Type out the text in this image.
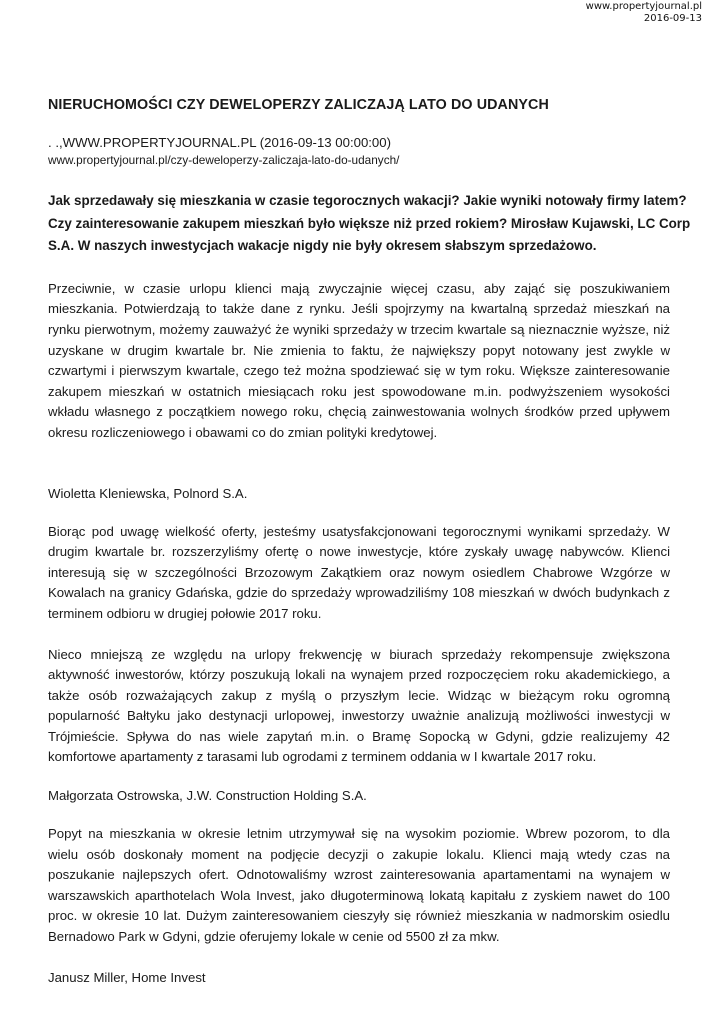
www.propertyjournal.pl
2016-09-13
NIERUCHOMOŚCI CZY DEWELOPERZY ZALICZAJĄ LATO DO UDANYCH
. .,WWW.PROPERTYJOURNAL.PL (2016-09-13 00:00:00)
www.propertyjournal.pl/czy-deweloperzy-zaliczaja-lato-do-udanych/
Jak sprzedawały się mieszkania w czasie tegorocznych wakacji? Jakie wyniki notowały firmy latem?
Czy zainteresowanie zakupem mieszkań było większe niż przed rokiem? Mirosław Kujawski, LC Corp
S.A. W naszych inwestycjach wakacje nigdy nie były okresem słabszym sprzedażowo.
Przeciwnie, w czasie urlopu klienci mają zwyczajnie więcej czasu, aby zająć się poszukiwaniem
mieszkania. Potwierdzają to także dane z rynku. Jeśli spojrzymy na kwartalną sprzedaż mieszkań na
rynku pierwotnym, możemy zauważyć że wyniki sprzedaży w trzecim kwartale są nieznacznie wyższe, niż
uzyskane w drugim kwartale br. Nie zmienia to faktu, że największy popyt notowany jest zwykle w
czwartymi i pierwszym kwartale, czego też można spodziewać się w tym roku. Większe zainteresowanie
zakupem mieszkań w ostatnich miesiącach roku jest spowodowane m.in. podwyższeniem wysokości
wkładu własnego z początkiem nowego roku, chęcią zainwestowania wolnych środków przed upływem
okresu rozliczeniowego i obawami co do zmian polityki kredytowej.
Wioletta Kleniewska, Polnord S.A.
Biorąc pod uwagę wielkość oferty, jesteśmy usatysfakcjonowani tegorocznymi wynikami sprzedaży. W
drugim kwartale br. rozszerzyliśmy ofertę o nowe inwestycje, które zyskały uwagę nabywców. Klienci
interesują się w szczególności Brzozowym Zakątkiem oraz nowym osiedlem Chabrowe Wzgórze w
Kowalach na granicy Gdańska, gdzie do sprzedaży wprowadziliśmy 108 mieszkań w dwóch budynkach z
terminem odbioru w drugiej połowie 2017 roku.
Nieco mniejszą ze względu na urlopy frekwencję w biurach sprzedaży rekompensuje zwiększona
aktywność inwestorów, którzy poszukują lokali na wynajem przed rozpoczęciem roku akademickiego, a
także osób rozważających zakup z myślą o przyszłym lecie. Widząc w bieżącym roku ogromną
popularność Bałtyku jako destynacji urlopowej, inwestorzy uważnie analizują możliwości inwestycji w
Trójmieście. Spływa do nas wiele zapytań m.in. o Bramę Sopocką w Gdyni, gdzie realizujemy 42
komfortowe apartamenty z tarasami lub ogrodami z terminem oddania w I kwartale 2017 roku.
Małgorzata Ostrowska, J.W. Construction Holding S.A.
Popyt na mieszkania w okresie letnim utrzymywał się na wysokim poziomie. Wbrew pozorom, to dla
wielu osób doskonały moment na podjęcie decyzji o zakupie lokalu. Klienci mają wtedy czas na
poszukanie najlepszych ofert. Odnotowaliśmy wzrost zainteresowania apartamentami na wynajem w
warszawskich aparthotelach Wola Invest, jako długoterminową lokatą kapitału z zyskiem nawet do 100
proc. w okresie 10 lat. Dużym zainteresowaniem cieszyły się również mieszkania w nadmorskim osiedlu
Bernadowo Park w Gdyni, gdzie oferujemy lokale w cenie od 5500 zł za mkw.
Janusz Miller, Home Invest
